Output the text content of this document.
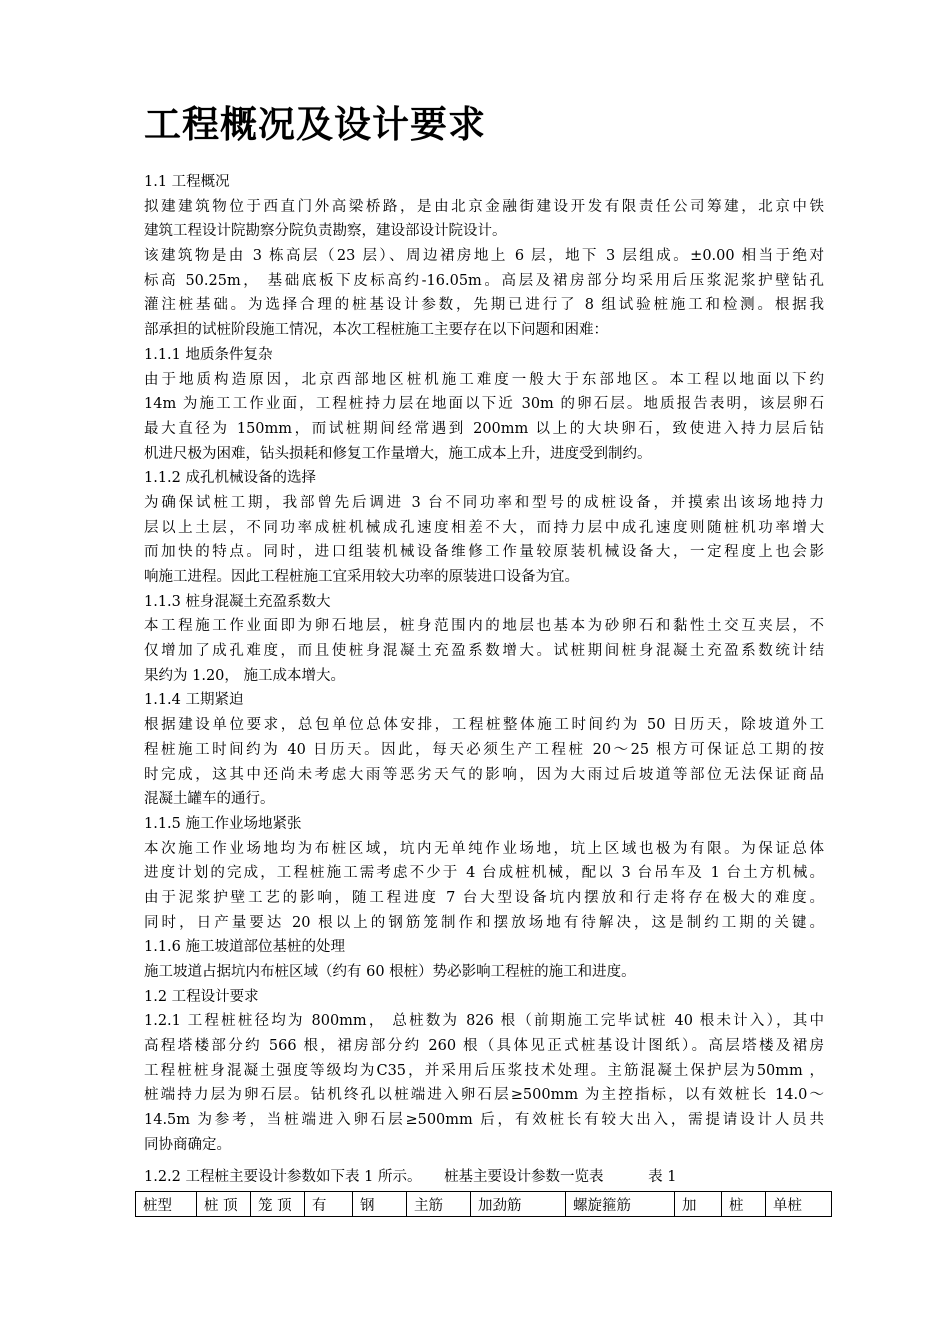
工程概况及设计要求
1.1 工程概况
拟建建筑物位于西直门外高梁桥路，是由北京金融街建设开发有限责任公司筹建，北京中铁
建筑工程设计院勘察分院负责勘察，建设部设计院设计。
该建筑物是由 3 栋高层（23 层）、周边裙房地上 6 层，地下 3 层组成。±0.00 相当于绝对
标高 50.25m， 基础底板下皮标高约-16.05m。高层及裙房部分均采用后压浆泥浆护壁钻孔
灌注桩基础。为选择合理的桩基设计参数，先期已进行了 8 组试验桩施工和检测。根据我
部承担的试桩阶段施工情况，本次工程桩施工主要存在以下问题和困难：
1.1.1 地质条件复杂
由于地质构造原因，北京西部地区桩机施工难度一般大于东部地区。本工程以地面以下约
14m 为施工工作业面，工程桩持力层在地面以下近 30m 的卵石层。地质报告表明，该层卵石
最大直径为 150mm，而试桩期间经常遇到 200mm 以上的大块卵石，致使进入持力层后钻
机进尺极为困难，钻头损耗和修复工作量增大，施工成本上升，进度受到制约。
1.1.2 成孔机械设备的选择
为确保试桩工期，我部曾先后调进 3 台不同功率和型号的成桩设备，并摸索出该场地持力
层以上土层，不同功率成桩机械成孔速度相差不大，而持力层中成孔速度则随桩机功率增大
而加快的特点。同时，进口组装机械设备维修工作量较原装机械设备大，一定程度上也会影
响施工进程。因此工程桩施工宜采用较大功率的原装进口设备为宜。
1.1.3 桩身混凝土充盈系数大
本工程施工作业面即为卵石地层，桩身范围内的地层也基本为砂卵石和黏性土交互夹层，不
仅增加了成孔难度，而且使桩身混凝土充盈系数增大。试桩期间桩身混凝土充盈系数统计结
果约为 1.20， 施工成本增大。
1.1.4 工期紧迫
根据建设单位要求，总包单位总体安排，工程桩整体施工时间约为 50 日历天，除坡道外工
程桩施工时间约为 40 日历天。因此，每天必须生产工程桩 20～25 根方可保证总工期的按
时完成，这其中还尚未考虑大雨等恶劣天气的影响，因为大雨过后坡道等部位无法保证商品
混凝土罐车的通行。
1.1.5 施工作业场地紧张
本次施工作业场地均为布桩区域，坑内无单纯作业场地，坑上区域也极为有限。为保证总体
进度计划的完成，工程桩施工需考虑不少于 4 台成桩机械，配以 3 台吊车及 1 台土方机械。
由于泥浆护壁工艺的影响，随工程进度 7 台大型设备坑内摆放和行走将存在极大的难度。
同时，日产量要达 20 根以上的钢筋笼制作和摆放场地有待解决，这是制约工期的关键。
1.1.6 施工坡道部位基桩的处理
施工坡道占据坑内布桩区域（约有 60 根桩）势必影响工程桩的施工和进度。
1.2 工程设计要求
1.2.1 工程桩桩径均为 800mm， 总桩数为 826 根（前期施工完毕试桩 40 根未计入），其中
高程塔楼部分约 566 根，裙房部分约 260 根（具体见正式桩基设计图纸）。高层塔楼及裙房
工程桩桩身混凝土强度等级均为C35，并采用后压浆技术处理。主筋混凝土保护层为50mm ，
桩端持力层为卵石层。钻机终孔以桩端进入卵石层≥500mm 为主控指标，以有效桩长 14.0～
14.5m 为参考，当桩端进入卵石层≥500mm 后，有效桩长有较大出入，需提请设计人员共
同协商确定。
1.2.2 工程桩主要设计参数如下表 1 所示。 桩基主要设计参数一览表	表 1
桩型	桩 顶	笼 顶	有	钢	主筋	加劲筋	螺旋箍筋	加	桩	单桩
